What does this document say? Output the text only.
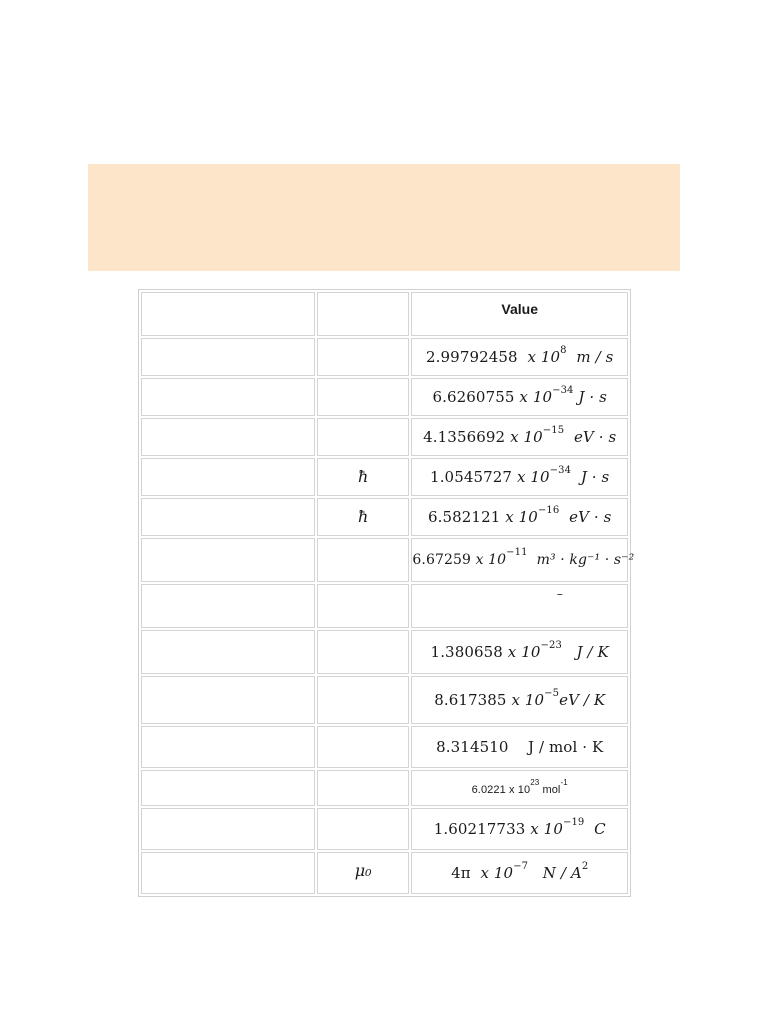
		Value
		2.99792458 x $10^8$ m / s
		6.6260755 x $10^{-34}$ J · s
		4.1356692 x $10^{-15}$ eV · s
	ħ	1.0545727 x $10^{-34}$ J · s
	ħ	6.582121 x $10^{-16}$ eV · s
		6.67259 x $10^{-11}$ m³ · kg⁻¹ · s⁻²
		–
		1.380658 x $10^{-23}$ J / K
		8.617385 x $10^{-5}eV$ / K
		8.314510    J / mol · K
		6.0221 x $10^{23}$ mol$^{-1}$
		1.60217733 x $10^{-19}$ C
	μ₀	4π x $10^{-7}$ N / $A^2$
